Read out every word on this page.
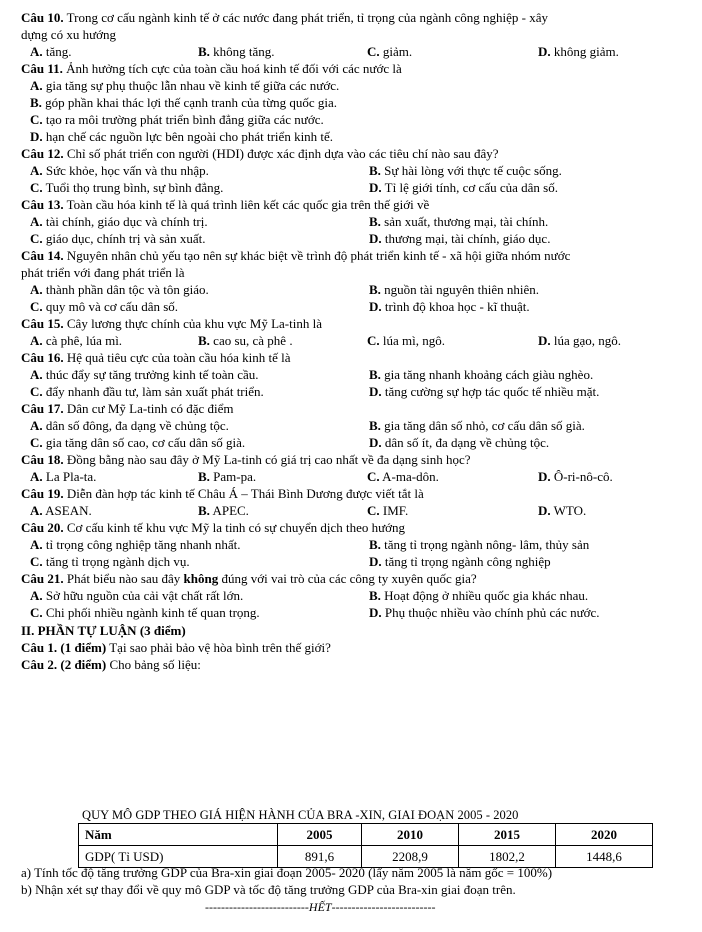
Câu 10. Trong cơ cấu ngành kinh tế ở các nước đang phát triển, tỉ trọng của ngành công nghiệp - xây
dựng có xu hướng
A. tăng.	B. không tăng.	C. giảm.	D. không giảm.
Câu 11. Ảnh hưởng tích cực của toàn cầu hoá kinh tế đối với các nước là
A. gia tăng sự phụ thuộc lẫn nhau về kinh tế giữa các nước.
B. góp phần khai thác lợi thế cạnh tranh của từng quốc gia.
C. tạo ra môi trường phát triển bình đẳng giữa các nước.
D. hạn chế các nguồn lực bên ngoài cho phát triển kinh tế.
Câu 12. Chỉ số phát triển con người (HDI) được xác định dựa vào các tiêu chí nào sau đây?
A. Sức khỏe, học vấn và thu nhập.	B. Sự hài lòng với thực tế cuộc sống.
C. Tuổi thọ trung bình, sự bình đẳng.	D. Tỉ lệ giới tính, cơ cấu của dân số.
Câu 13. Toàn cầu hóa kinh tế là quá trình liên kết các quốc gia trên thế giới về
A. tài chính, giáo dục và chính trị.	B. sản xuất, thương mại, tài chính.
C. giáo dục, chính trị và sản xuất.	D. thương mại, tài chính, giáo dục.
Câu 14. Nguyên nhân chủ yếu tạo nên sự khác biệt về trình độ phát triển kinh tế - xã hội giữa nhóm nước
phát triển với đang phát triển là
A. thành phần dân tộc và tôn giáo.	B. nguồn tài nguyên thiên nhiên.
C. quy mô và cơ cấu dân số.	D. trình độ khoa học - kĩ thuật.
Câu 15. Cây lương thực chính của khu vực Mỹ La-tinh là
A. cà phê, lúa mì.	B. cao su, cà phê .	C. lúa mì, ngô.	D. lúa gạo, ngô.
Câu 16. Hệ quả tiêu cực của toàn cầu hóa kinh tế là
A. thúc đẩy sự tăng trưởng kinh tế toàn cầu.	B. gia tăng nhanh khoảng cách giàu nghèo.
C. đẩy nhanh đầu tư, làm sản xuất phát triển.	D. tăng cường sự hợp tác quốc tế nhiều mặt.
Câu 17. Dân cư Mỹ La-tinh có đặc điểm
A. dân số đông, đa dạng về chủng tộc.	B. gia tăng dân số nhỏ, cơ cấu dân số già.
C. gia tăng dân số cao, cơ cấu dân số già.	D. dân số ít, đa dạng về chủng tộc.
Câu 18. Đồng bằng nào sau đây ở Mỹ La-tinh có giá trị cao nhất về đa dạng sinh học?
A. La Pla-ta.	B. Pam-pa.	C. A-ma-dôn.	D. Ô-ri-nô-cô.
Câu 19. Diễn đàn hợp tác kinh tế Châu Á – Thái Bình Dương được viết tắt là
A. ASEAN.	B. APEC.	C. IMF.	D. WTO.
Câu 20. Cơ cấu kinh tế khu vực Mỹ la tinh có sự chuyển dịch theo hướng
A. tỉ trọng công nghiệp tăng nhanh nhất.	B. tăng tỉ trọng ngành nông- lâm, thủy sản
C. tăng tỉ trọng ngành dịch vụ.	D. tăng tỉ trọng ngành công nghiệp
Câu 21. Phát biểu nào sau đây không đúng với vai trò của các công ty xuyên quốc gia?
A. Sở hữu nguồn của cải vật chất rất lớn.	B. Hoạt động ở nhiều quốc gia khác nhau.
C. Chi phối nhiều ngành kinh tế quan trọng.	D. Phụ thuộc nhiều vào chính phủ các nước.
II. PHẦN TỰ LUẬN (3 điểm)
Câu 1. (1 điểm) Tại sao phải bảo vệ hòa bình trên thế giới?
Câu 2. (2 điểm) Cho bảng số liệu:
QUY MÔ GDP THEO GIÁ HIỆN HÀNH CỦA BRA -XIN, GIAI ĐOẠN 2005 - 2020
Năm	2005	2010	2015	2020
GDP( Tỉ USD)	891,6	2208,9	1802,2	1448,6
a) Tính tốc độ tăng trưởng GDP của Bra-xin giai đoạn 2005- 2020 (lấy năm 2005 là năm gốc = 100%)
b) Nhận xét sự thay đổi về quy mô GDP và tốc độ tăng trưởng GDP của Bra-xin giai đoạn trên.
--------------------------HẾT--------------------------
